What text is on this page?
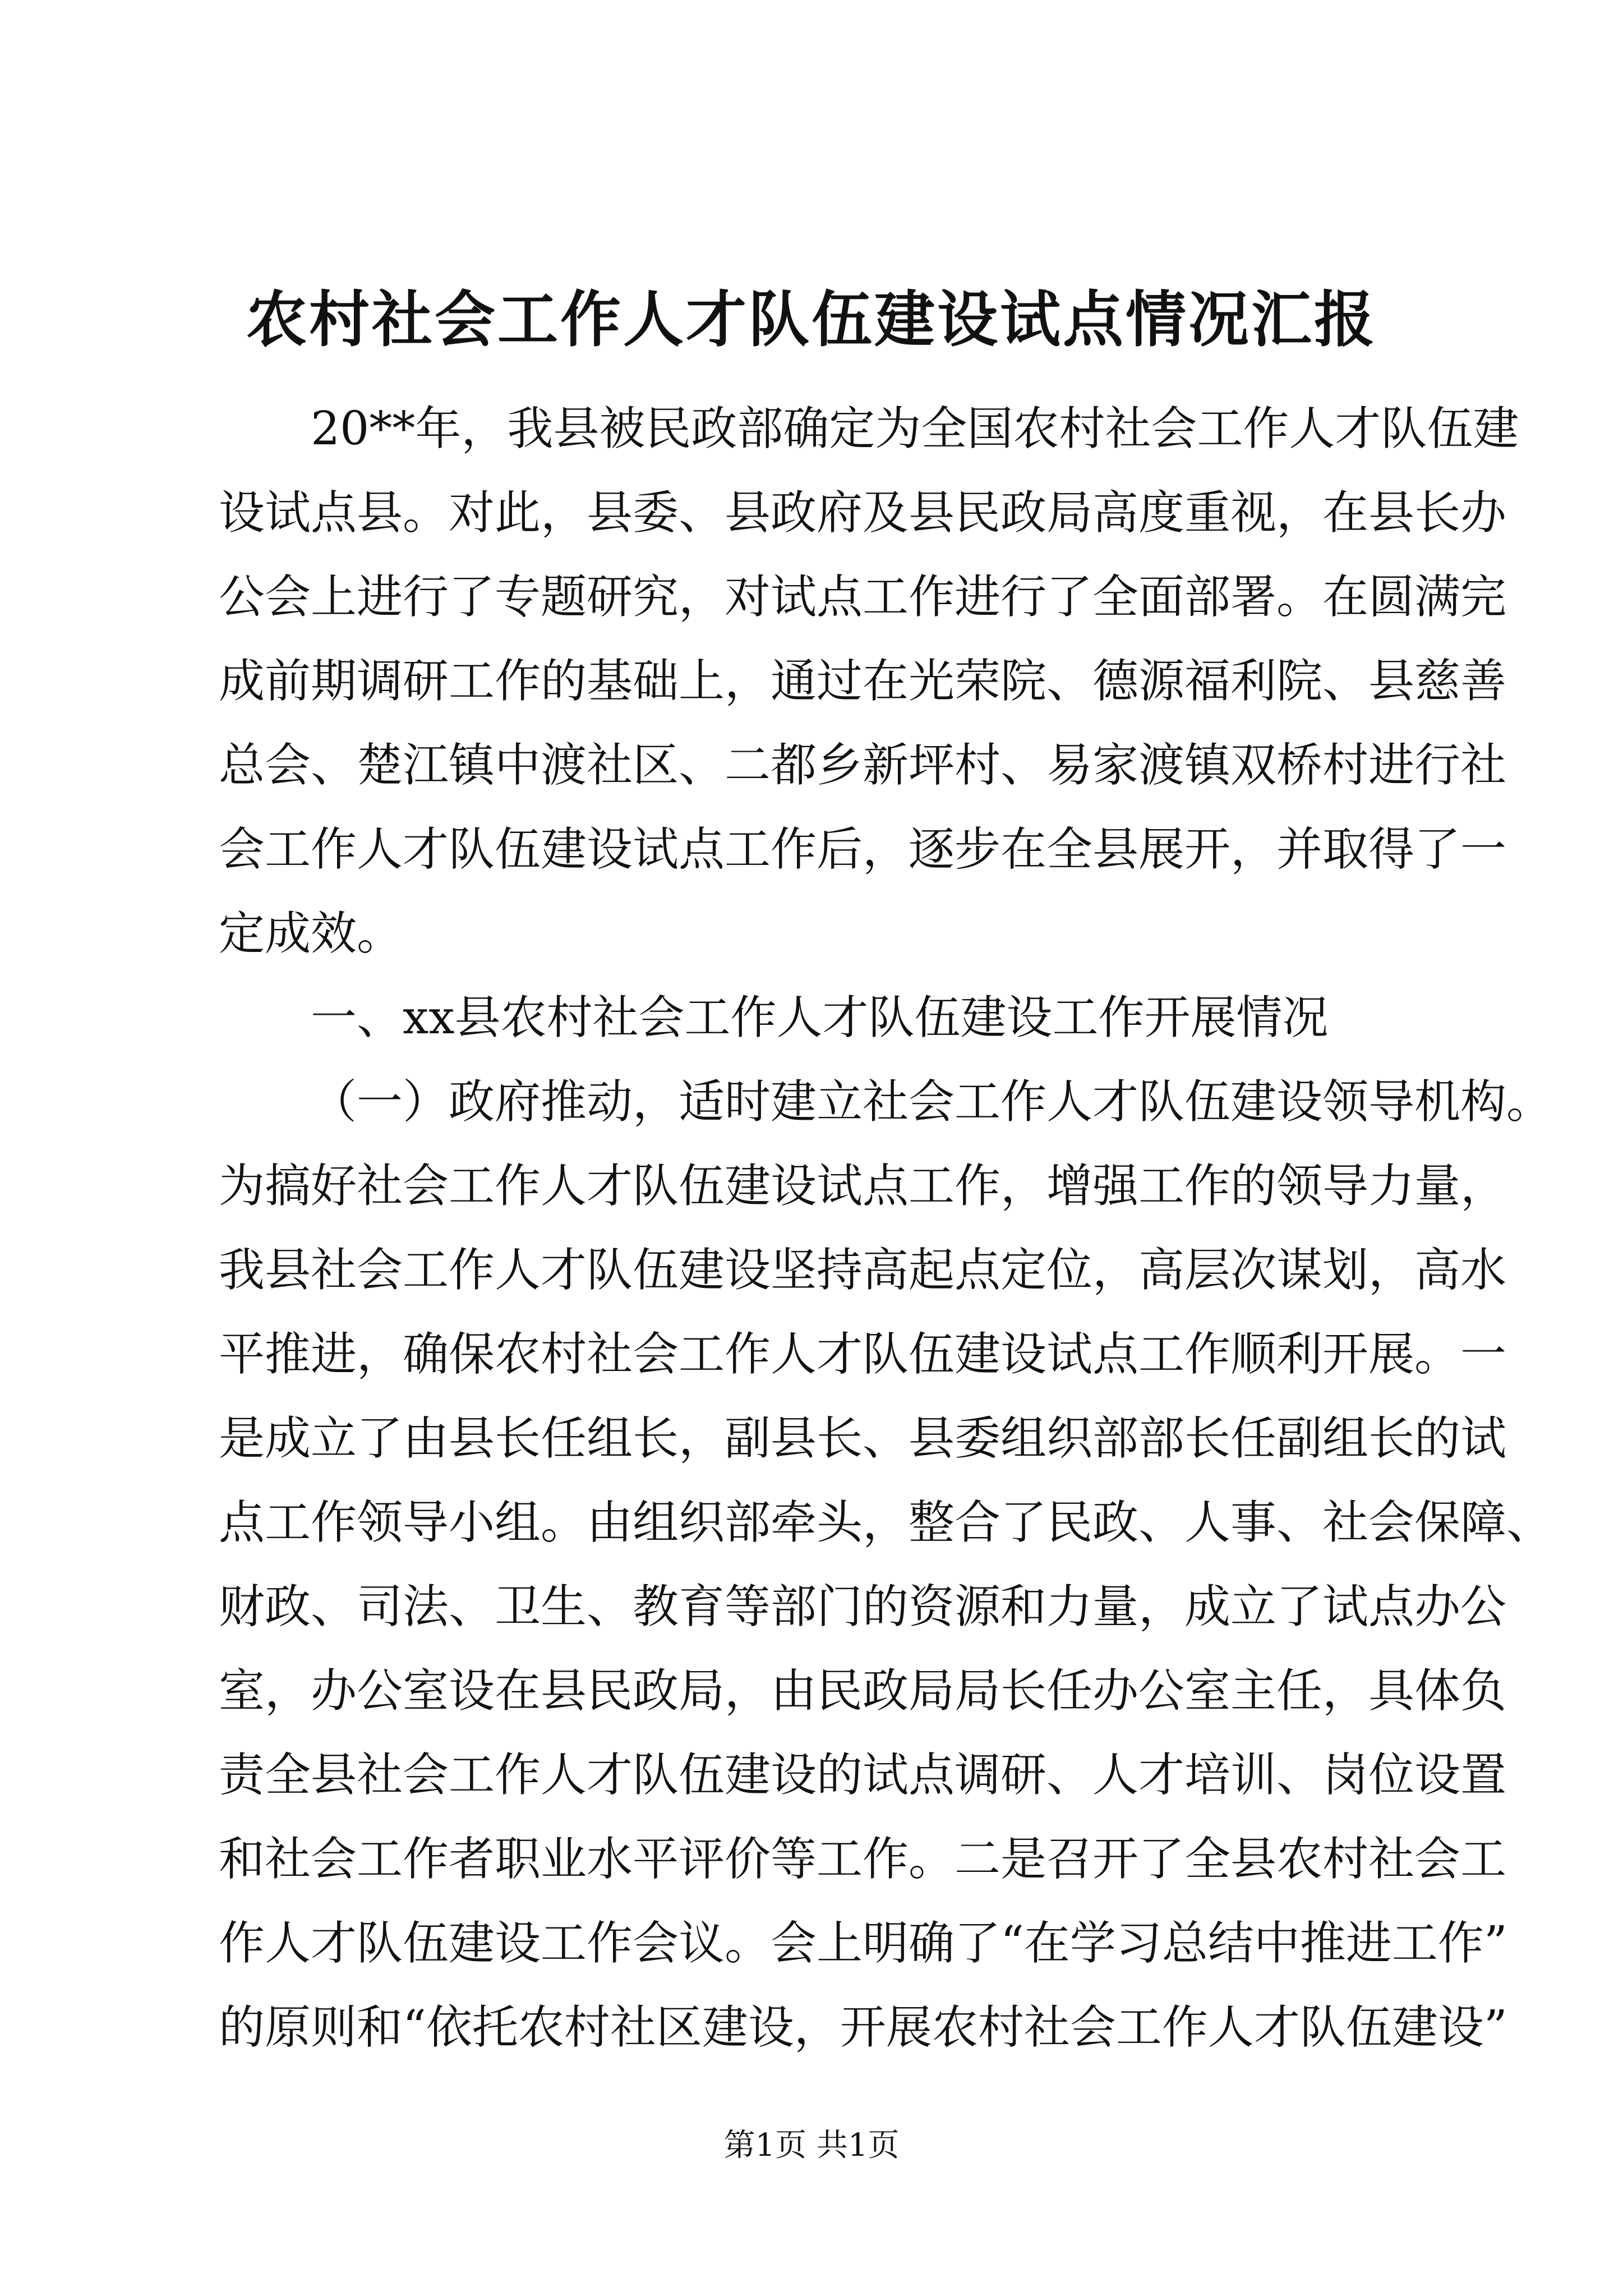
农村社会工作人才队伍建设试点情况汇报
20**年，我县被民政部确定为全国农村社会工作人才队伍建
设试点县。对此，县委、县政府及县民政局高度重视，在县长办
公会上进行了专题研究，对试点工作进行了全面部署。在圆满完
成前期调研工作的基础上，通过在光荣院、德源福利院、县慈善
总会、楚江镇中渡社区、二都乡新坪村、易家渡镇双桥村进行社
会工作人才队伍建设试点工作后，逐步在全县展开，并取得了一
定成效。
一、xx县农村社会工作人才队伍建设工作开展情况
（一）政府推动，适时建立社会工作人才队伍建设领导机构。
为搞好社会工作人才队伍建设试点工作，增强工作的领导力量，
我县社会工作人才队伍建设坚持高起点定位，高层次谋划，高水
平推进，确保农村社会工作人才队伍建设试点工作顺利开展。一
是成立了由县长任组长，副县长、县委组织部部长任副组长的试
点工作领导小组。由组织部牵头，整合了民政、人事、社会保障、
财政、司法、卫生、教育等部门的资源和力量，成立了试点办公
室，办公室设在县民政局，由民政局局长任办公室主任，具体负
责全县社会工作人才队伍建设的试点调研、人才培训、岗位设置
和社会工作者职业水平评价等工作。二是召开了全县农村社会工
作人才队伍建设工作会议。会上明确了“在学习总结中推进工作”
的原则和“依托农村社区建设，开展农村社会工作人才队伍建设”
第1页 共1页
